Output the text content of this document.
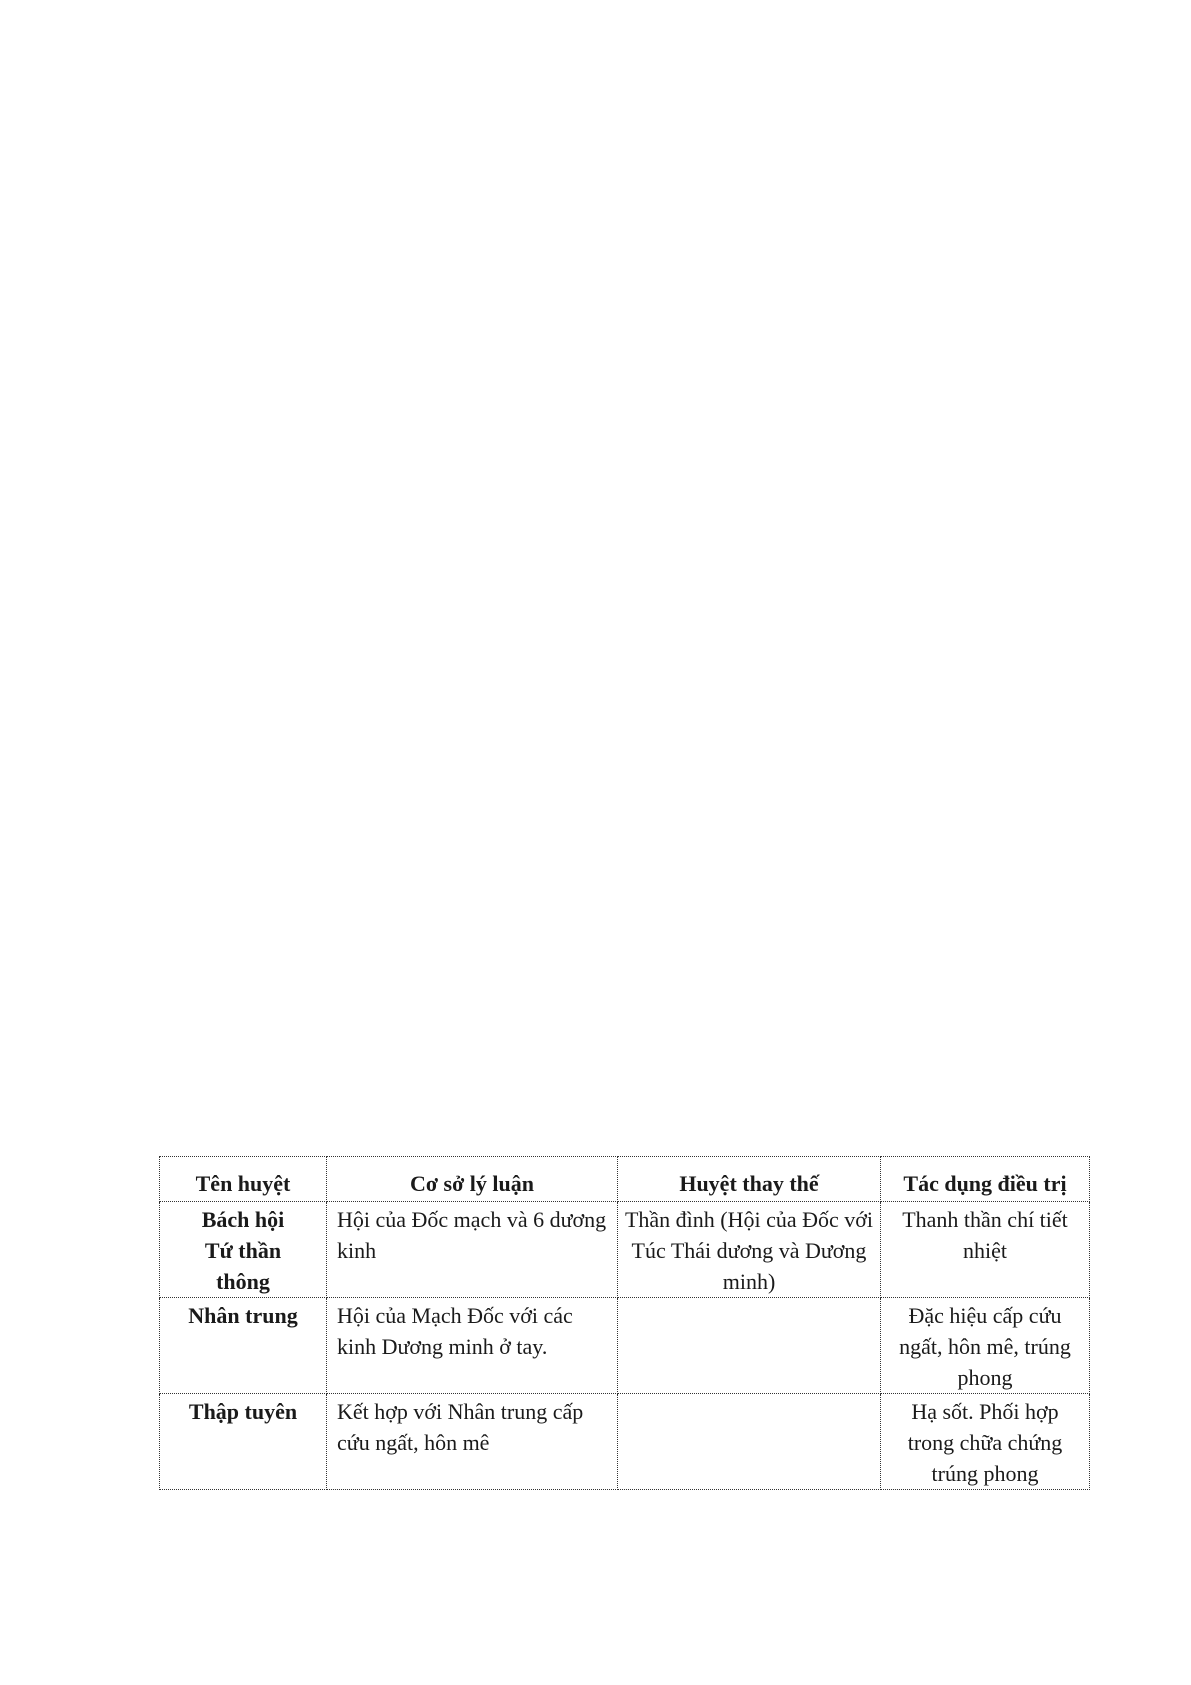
Tên huyệt	Cơ sở lý luận	Huyệt thay thế	Tác dụng điều trị

Bách hội
Tứ thần
thông	Hội của Đốc mạch và 6 dương kinh	Thần đình (Hội của Đốc với Túc Thái dương và Dương minh)	Thanh thần chí tiết nhiệt

Nhân trung	Hội của Mạch Đốc với các kinh Dương minh ở tay.		Đặc hiệu cấp cứu ngất, hôn mê, trúng phong

Thập tuyên	Kết hợp với Nhân trung cấp cứu ngất, hôn mê		Hạ sốt. Phối hợp trong chữa chứng trúng phong
